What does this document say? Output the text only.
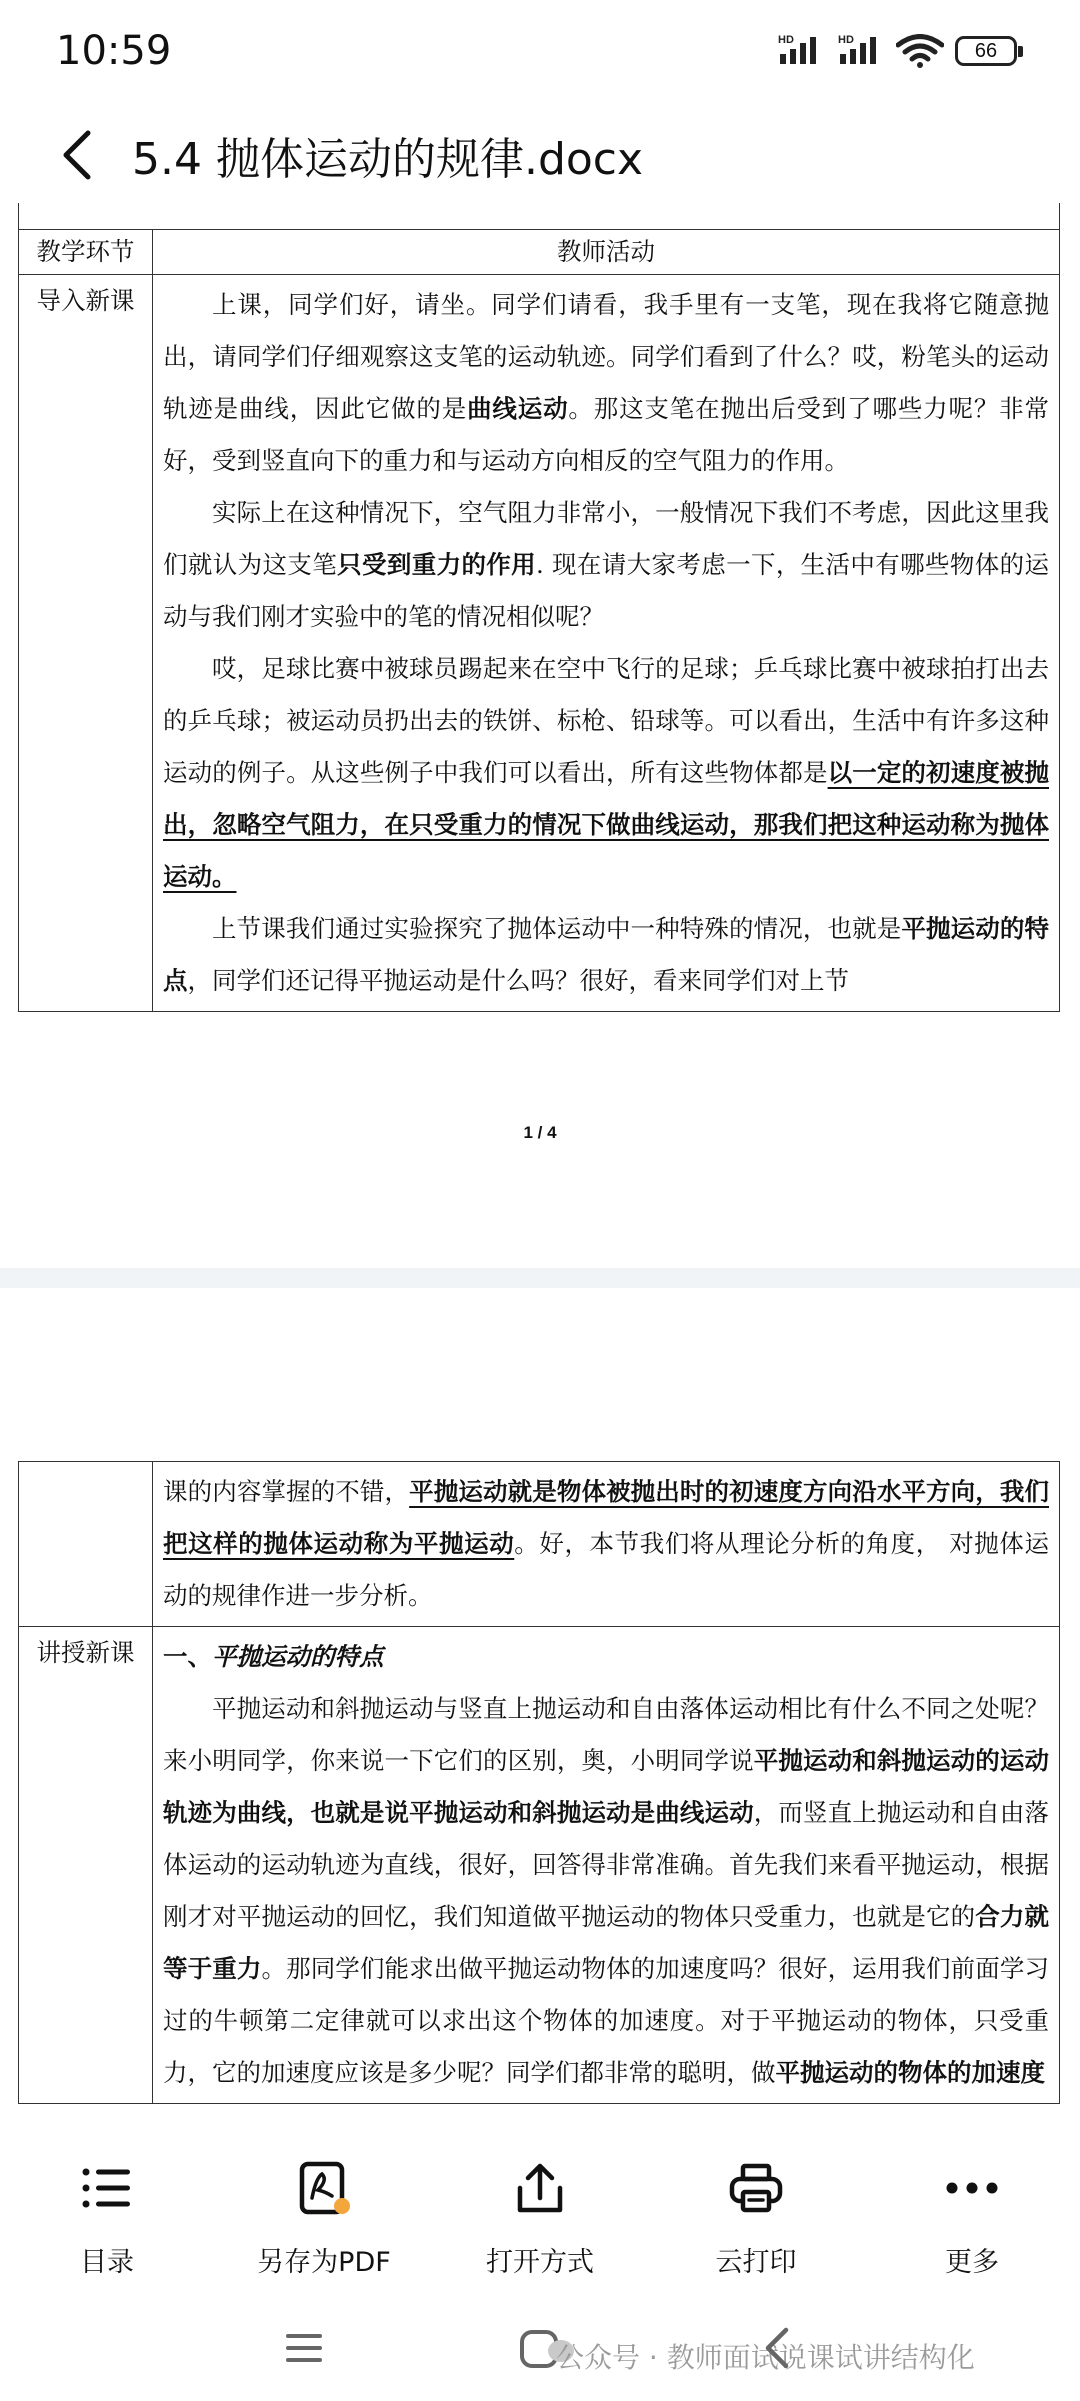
10:59	HD	HD	66
5.4 抛体运动的规律.docx
教学环节	教师活动
导入新课	上课，同学们好，请坐。同学们请看，我手里有一支笔，现在我将它随意抛出，请同学们仔细观察这支笔的运动轨迹。同学们看到了什么？哎，粉笔头的运动轨迹是曲线，因此它做的是曲线运动。那这支笔在抛出后受到了哪些力呢？非常好，受到竖直向下的重力和与运动方向相反的空气阻力的作用。

实际上在这种情况下，空气阻力非常小，一般情况下我们不考虑，因此这里我们就认为这支笔只受到重力的作用. 现在请大家考虑一下，生活中有哪些物体的运动与我们刚才实验中的笔的情况相似呢？

哎，足球比赛中被球员踢起来在空中飞行的足球；乒乓球比赛中被球拍打出去的乒乓球；被运动员扔出去的铁饼、标枪、铅球等。可以看出，生活中有许多这种运动的例子。从这些例子中我们可以看出，所有这些物体都是以一定的初速度被抛出，忽略空气阻力，在只受重力的情况下做曲线运动，那我们把这种运动称为抛体运动。

上节课我们通过实验探究了抛体运动中一种特殊的情况，也就是平抛运动的特点，同学们还记得平抛运动是什么吗？很好，看来同学们对上节

1 / 4

	课的内容掌握的不错，平抛运动就是物体被抛出时的初速度方向沿水平方向，我们把这样的抛体运动称为平抛运动。好，本节我们将从理论分析的角度， 对抛体运动的规律作进一步分析。

讲授新课	一、平抛运动的特点

平抛运动和斜抛运动与竖直上抛运动和自由落体运动相比有什么不同之处呢？来小明同学，你来说一下它们的区别，奥，小明同学说平抛运动和斜抛运动的运动轨迹为曲线，也就是说平抛运动和斜抛运动是曲线运动，而竖直上抛运动和自由落体运动的运动轨迹为直线，很好，回答得非常准确。首先我们来看平抛运动，根据刚才对平抛运动的回忆，我们知道做平抛运动的物体只受重力，也就是它的合力就等于重力。那同学们能求出做平抛运动物体的加速度吗？很好，运用我们前面学习过的牛顿第二定律就可以求出这个物体的加速度。对于平抛运动的物体，只受重力，它的加速度应该是多少呢？同学们都非常的聪明，做平抛运动的物体的加速度

目录	另存为PDF	打开方式	云打印	更多
公众号 · 教师面试说课试讲结构化
